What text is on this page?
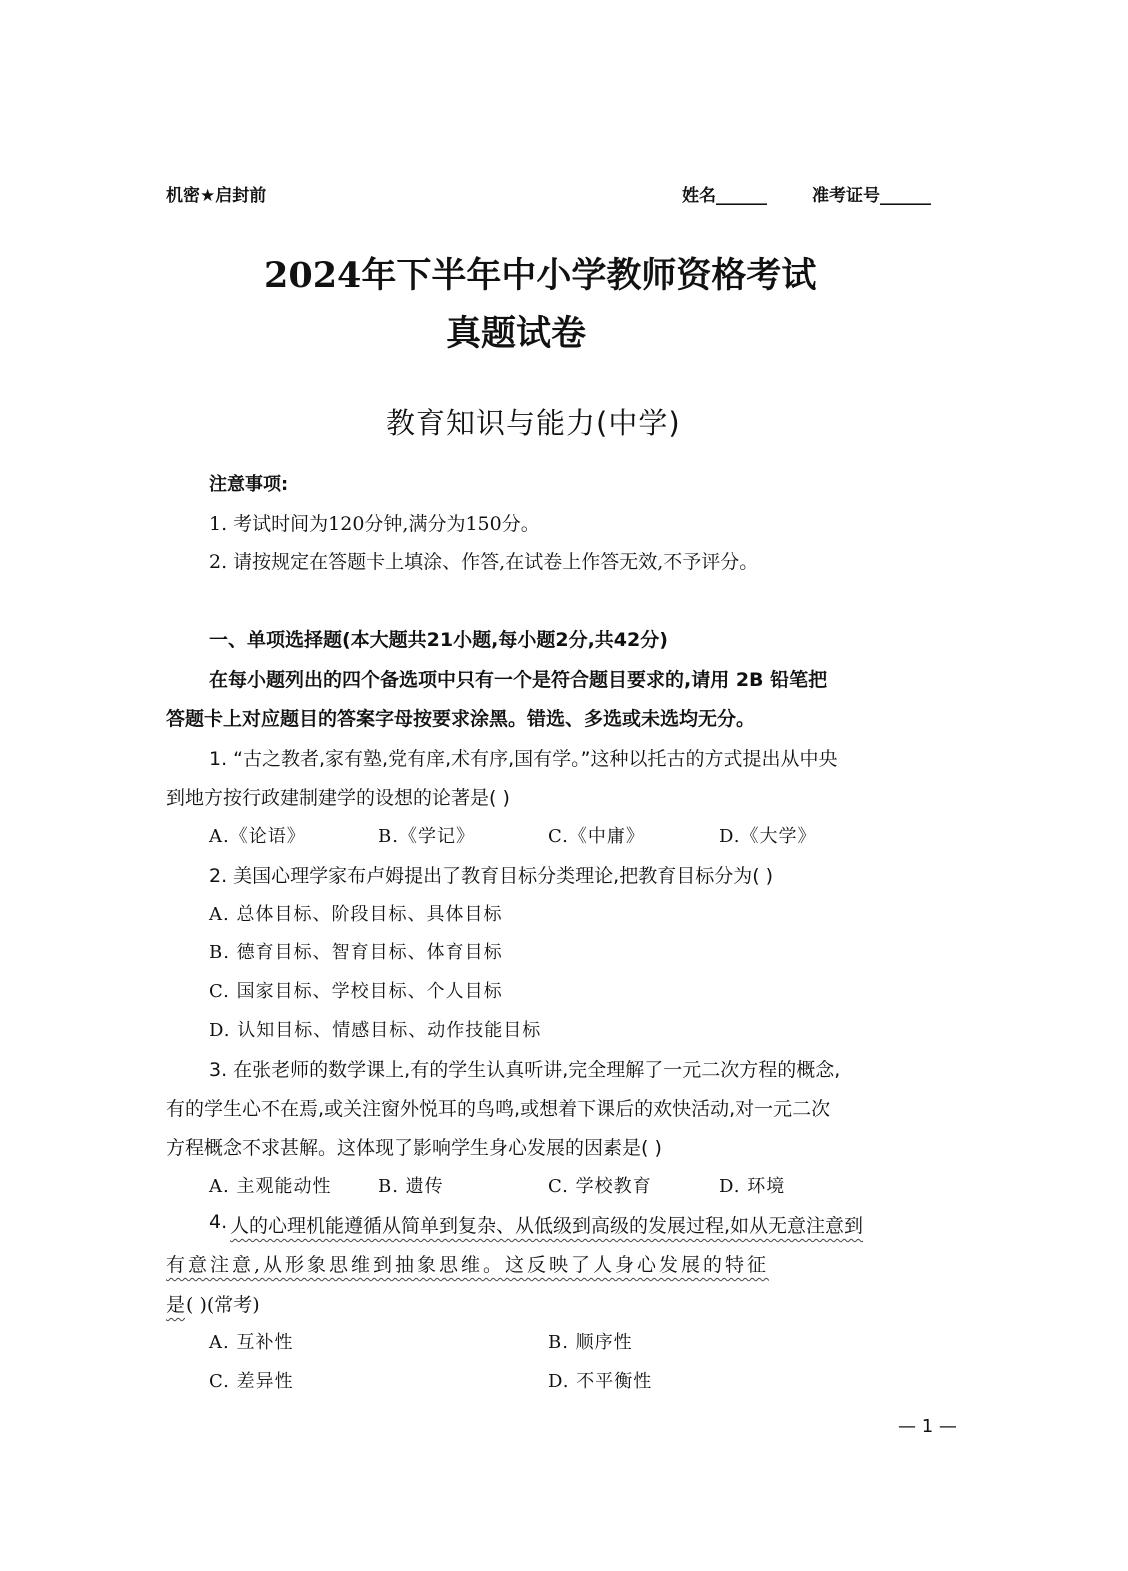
机密★启封前	姓名______	准考证号______
2024年下半年中小学教师资格考试
真题试卷
教育知识与能力(中学)
注意事项:
1. 考试时间为120分钟,满分为150分。
2. 请按规定在答题卡上填涂、作答,在试卷上作答无效,不予评分。
一、单项选择题(本大题共21小题,每小题2分,共42分)
在每小题列出的四个备选项中只有一个是符合题目要求的,请用 2B 铅笔把
答题卡上对应题目的答案字母按要求涂黑。错选、多选或未选均无分。
1. “古之教者,家有塾,党有庠,术有序,国有学。”这种以托古的方式提出从中央
到地方按行政建制建学的设想的论著是( )
A.《论语》	B.《学记》	C.《中庸》	D.《大学》
2. 美国心理学家布卢姆提出了教育目标分类理论,把教育目标分为( )
A. 总体目标、阶段目标、具体目标
B. 德育目标、智育目标、体育目标
C. 国家目标、学校目标、个人目标
D. 认知目标、情感目标、动作技能目标
3. 在张老师的数学课上,有的学生认真听讲,完全理解了一元二次方程的概念,
有的学生心不在焉,或关注窗外悦耳的鸟鸣,或想着下课后的欢快活动,对一元二次
方程概念不求甚解。这体现了影响学生身心发展的因素是( )
A. 主观能动性	B. 遗传	C. 学校教育	D. 环境
4. 人的心理机能遵循从简单到复杂、从低级到高级的发展过程,如从无意注意到
有意注意,从形象思维到抽象思维。这反映了人身心发展的特征
是 ( )(常考)
A. 互补性	B. 顺序性
C. 差异性	D. 不平衡性
— 1 —
